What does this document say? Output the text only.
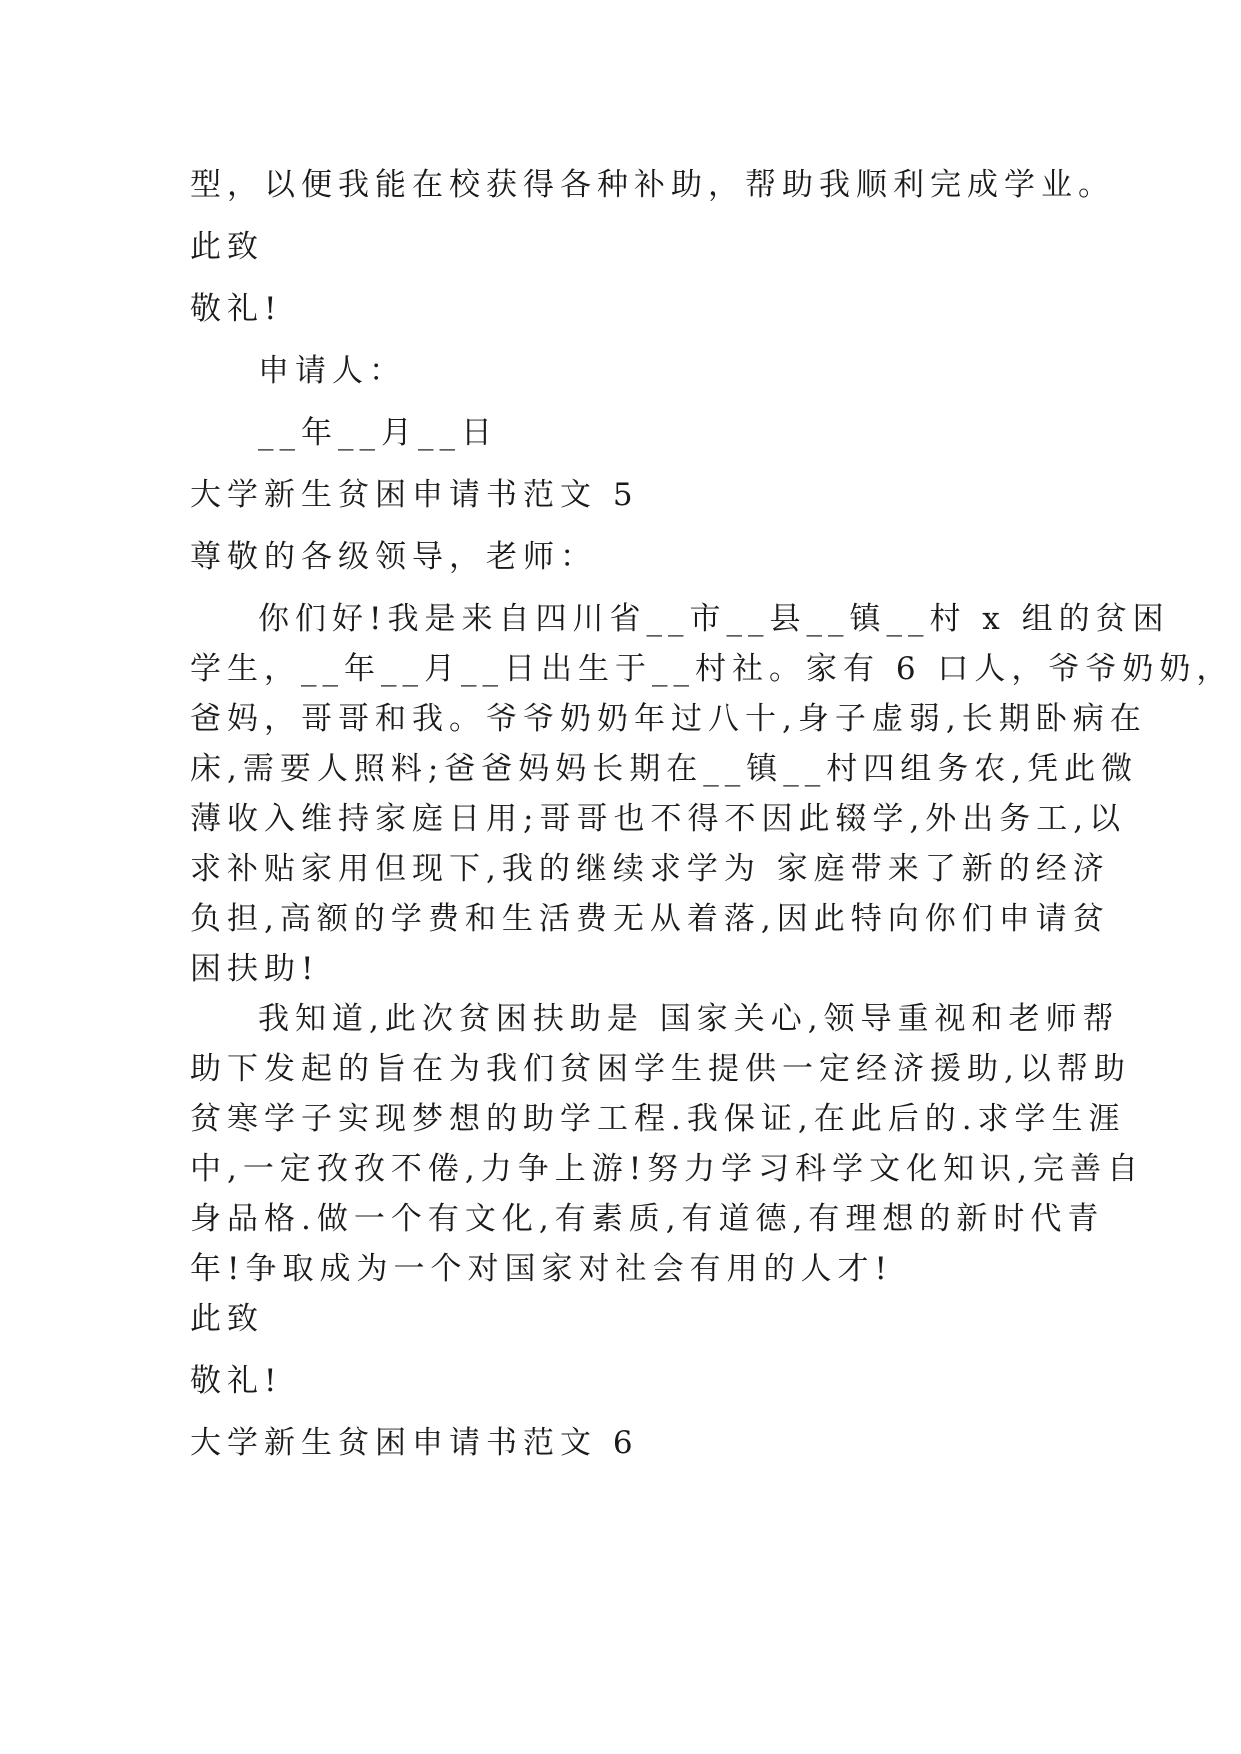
型，以便我能在校获得各种补助，帮助我顺利完成学业。
此致
敬礼!
申请人：
__年__月__日
大学新生贫困申请书范文 5
尊敬的各级领导，老师：
你们好!我是来自四川省__市__县__镇__村 x 组的贫困
学生，__年__月__日出生于__村社。家有 6 口人，爷爷奶奶，
爸妈，哥哥和我。爷爷奶奶年过八十,身子虚弱,长期卧病在
床,需要人照料;爸爸妈妈长期在__镇__村四组务农,凭此微
薄收入维持家庭日用;哥哥也不得不因此辍学,外出务工,以
求补贴家用但现下,我的继续求学为 家庭带来了新的经济
负担,高额的学费和生活费无从着落,因此特向你们申请贫
困扶助!
我知道,此次贫困扶助是 国家关心,领导重视和老师帮
助下发起的旨在为我们贫困学生提供一定经济援助,以帮助
贫寒学子实现梦想的助学工程.我保证,在此后的.求学生涯
中,一定孜孜不倦,力争上游!努力学习科学文化知识,完善自
身品格.做一个有文化,有素质,有道德,有理想的新时代青
年!争取成为一个对国家对社会有用的人才!
此致
敬礼!
大学新生贫困申请书范文 6
